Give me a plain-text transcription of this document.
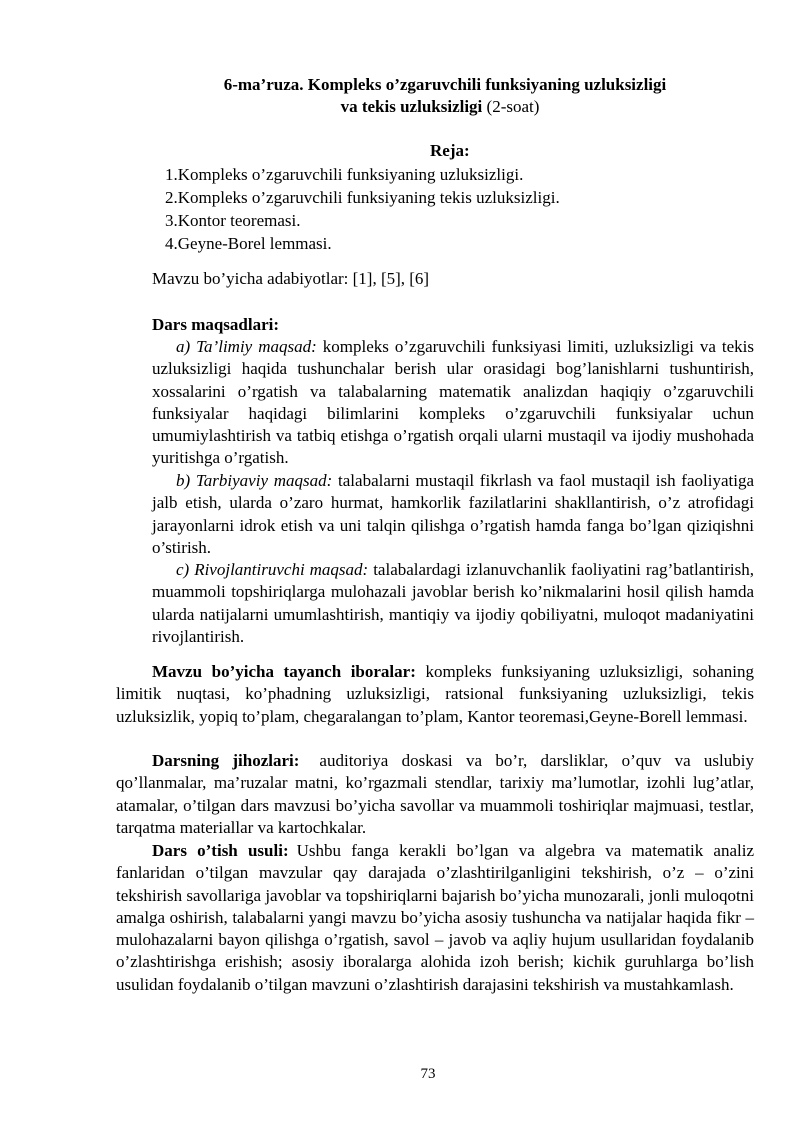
6-ma’ruza. Kompleks o’zgaruvchili funksiyaning uzluksizligi
va tekis uzluksizligi (2-soat)
Reja:
1.Kompleks o’zgaruvchili funksiyaning uzluksizligi.
2.Kompleks o’zgaruvchili funksiyaning tekis uzluksizligi.
3.Kontor teoremasi.
4.Geyne-Borel lemmasi.
Mavzu bo’yicha adabiyotlar: [1], [5], [6]
Dars maqsadlari:
a) Ta’limiy maqsad: kompleks o’zgaruvchili funksiyasi limiti, uzluksizligi va tekis uzluksizligi haqida tushunchalar berish ular orasidagi bog’lanishlarni tushuntirish, xossalarini o’rgatish va talabalarning matematik analizdan haqiqiy o’zgaruvchili funksiyalar haqidagi bilimlarini kompleks o’zgaruvchili funksiyalar uchun umumiylashtirish va tatbiq etishga o’rgatish orqali ularni mustaqil va ijodiy mushohada yuritishga o’rgatish.
b) Tarbiyaviy maqsad: talabalarni mustaqil fikrlash va faol mustaqil ish faoliyatiga jalb etish, ularda o’zaro hurmat, hamkorlik fazilatlarini shakllantirish, o’z atrofidagi jarayonlarni idrok etish va uni talqin qilishga o’rgatish hamda fanga bo’lgan qiziqishni o’stirish.
c) Rivojlantiruvchi maqsad: talabalardagi izlanuvchanlik faoliyatini rag’batlantirish, muammoli topshiriqlarga mulohazali javoblar berish ko’nikmalarini hosil qilish hamda ularda natijalarni umumlashtirish, mantiqiy va ijodiy qobiliyatni, muloqot madaniyatini rivojlantirish.
Mavzu bo’yicha tayanch iboralar: kompleks funksiyaning uzluksizligi, sohaning limitik nuqtasi, ko’phadning uzluksizligi, ratsional funksiyaning uzluksizligi, tekis uzluksizlik, yopiq to’plam, chegaralangan to’plam, Kantor teoremasi,Geyne-Borell lemmasi.
Darsning jihozlari: auditoriya doskasi va bo’r, darsliklar, o’quv va uslubiy qo’llanmalar, ma’ruzalar matni, ko’rgazmali stendlar, tarixiy ma’lumotlar, izohli lug’atlar, atamalar, o’tilgan dars mavzusi bo’yicha savollar va muammoli toshiriqlar majmuasi, testlar, tarqatma materiallar va kartochkalar.
Dars o’tish usuli: Ushbu fanga kerakli bo’lgan va algebra va matematik analiz fanlaridan o’tilgan mavzular qay darajada o’zlashtirilganligini tekshirish, o’z – o’zini tekshirish savollariga javoblar va topshiriqlarni bajarish bo’yicha munozarali, jonli muloqotni amalga oshirish, talabalarni yangi mavzu bo’yicha asosiy tushuncha va natijalar haqida fikr – mulohazalarni bayon qilishga o’rgatish, savol – javob va aqliy hujum usullaridan foydalanib o’zlashtirishga erishish; asosiy iboralarga alohida izoh berish; kichik guruhlarga bo’lish usulidan foydalanib o’tilgan mavzuni o’zlashtirish darajasini tekshirish va mustahkamlash.
73
